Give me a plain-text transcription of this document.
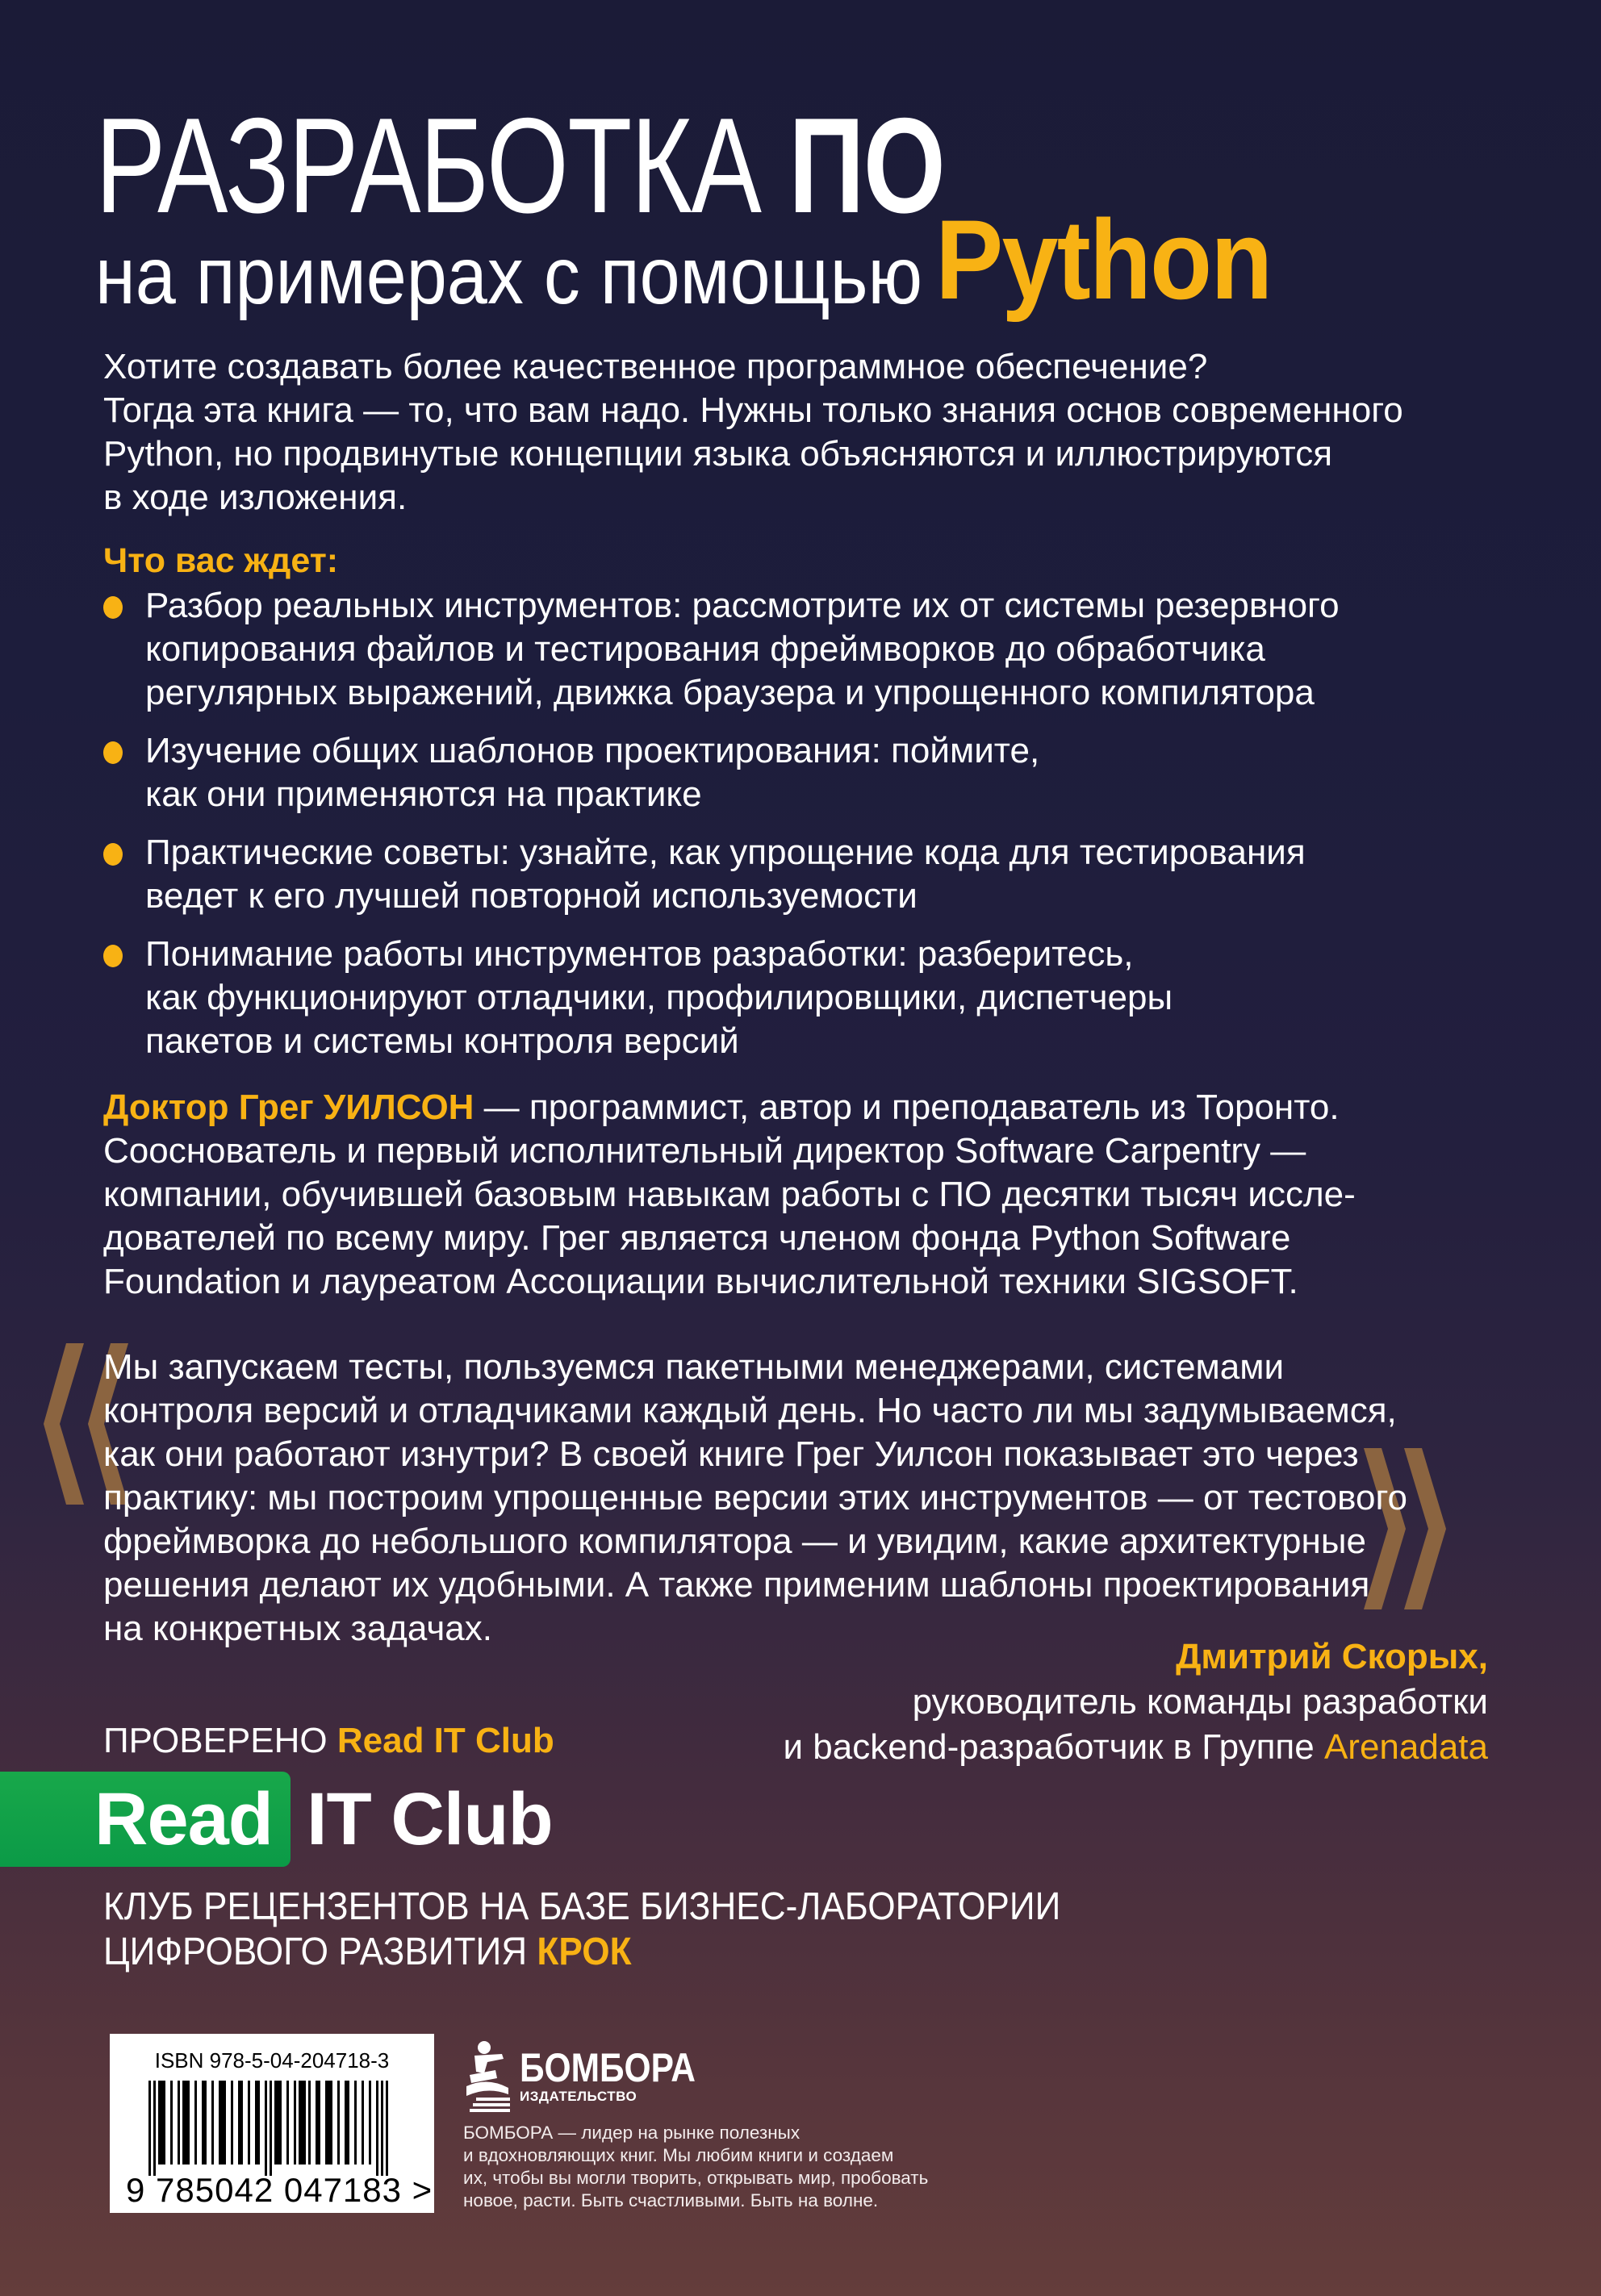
РАЗРАБОТКА ПО
на примерах с помощью Python

Хотите создавать более качественное программное обеспечение?

Тогда эта книга — то, что вам надо. Нужны только знания основ современного

Python, но продвинутые концепции языка объясняются и иллюстрируются

в ходе изложения.

Что вас ждет:
Разбор реальных инструментов: рассмотрите их от системы резервного
копирования файлов и тестирования фреймворков до обработчика
регулярных выражений, движка браузера и упрощенного компилятора
Изучение общих шаблонов проектирования: поймите,
как они применяются на практике
Практические советы: узнайте, как упрощение кода для тестирования
ведет к его лучшей повторной используемости
Понимание работы инструментов разработки: разберитесь,
как функционируют отладчики, профилировщики, диспетчеры
пакетов и системы контроля версий

Доктор Грег УИЛСОН — программист, автор и преподаватель из Торонто.

Сооснователь и первый исполнительный директор Software Carpentry —

компании, обучившей базовым навыкам работы с ПО десятки тысяч иссле-

дователей по всему миру. Грег является членом фонда Python Software

Foundation и лауреатом Ассоциации вычислительной техники SIGSOFT.

Мы запускаем тесты, пользуемся пакетными менеджерами, системами

контроля версий и отладчиками каждый день. Но часто ли мы задумываемся,

как они работают изнутри? В своей книге Грег Уилсон показывает это через

практику: мы построим упрощенные версии этих инструментов — от тестового

фреймворка до небольшого компилятора — и увидим, какие архитектурные

решения делают их удобными. А также применим шаблоны проектирования

на конкретных задачах.

Дмитрий Скорых,
руководитель команды разработки
и backend-разработчик в Группе Arenadata
ПРОВЕРЕНО Read IT Club
Read IT Club

КЛУБ РЕЦЕНЗЕНТОВ НА БАЗЕ БИЗНЕС-ЛАБОРАТОРИИ

ЦИФРОВОГО РАЗВИТИЯ КРОК

ISBN 978-5-04-204718-3
9 785042 047183 >
БОМБОРА
ИЗДАТЕЛЬСТВО

БОМБОРА — лидер на рынке полезных

и вдохновляющих книг. Мы любим книги и создаем

их, чтобы вы могли творить, открывать мир, пробовать

новое, расти. Быть счастливыми. Быть на волне.
